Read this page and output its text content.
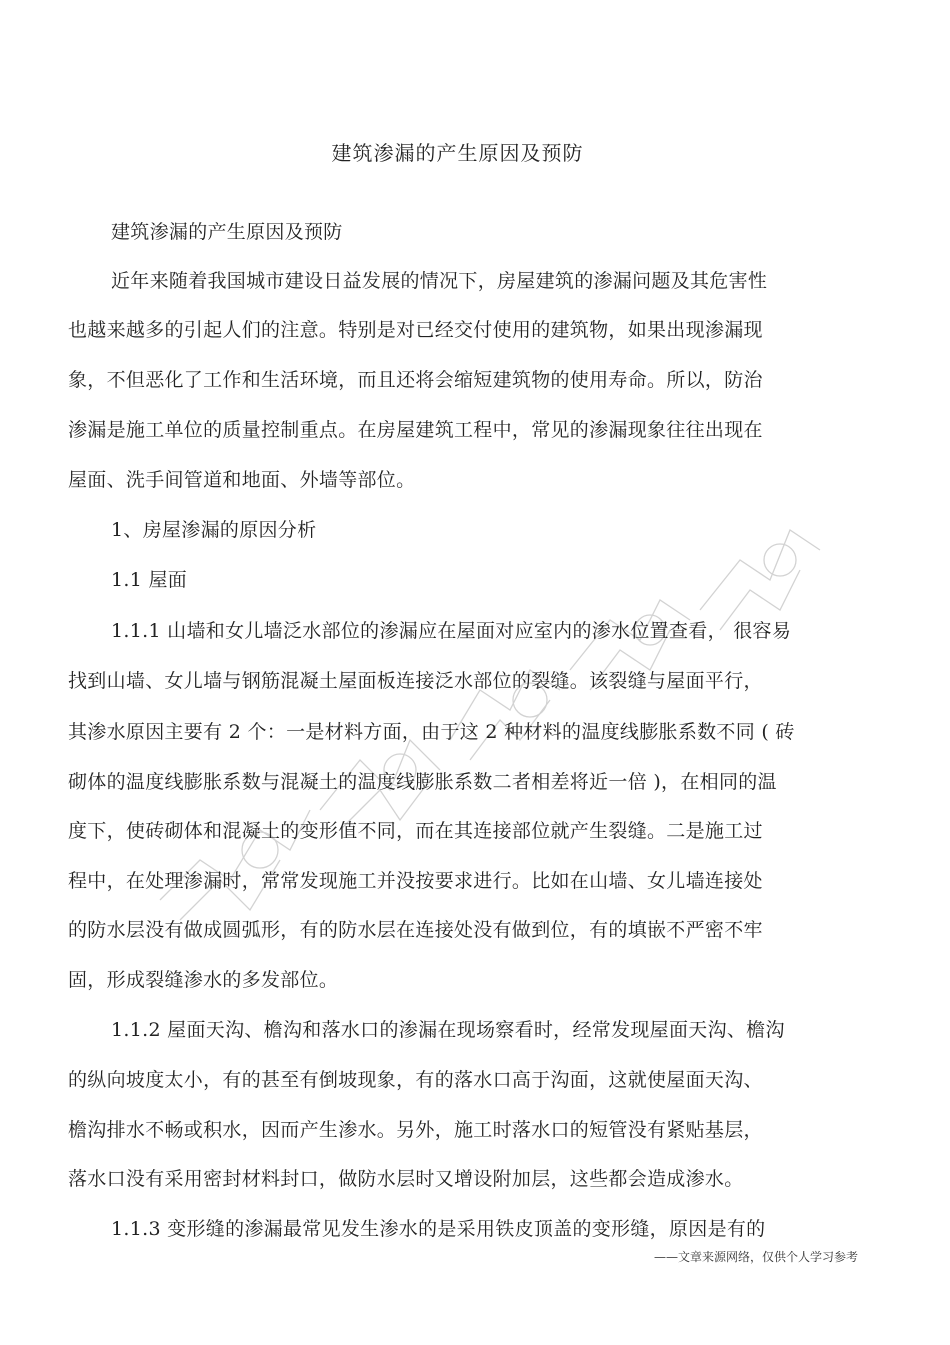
建筑渗漏的产生原因及预防
建筑渗漏的产生原因及预防
近年来随着我国城市建设日益发展的情况下，房屋建筑的渗漏问题及其危害性
也越来越多的引起人们的注意。特别是对已经交付使用的建筑物，如果出现渗漏现
象，不但恶化了工作和生活环境，而且还将会缩短建筑物的使用寿命。所以，防治
渗漏是施工单位的质量控制重点。在房屋建筑工程中，常见的渗漏现象往往出现在
屋面、洗手间管道和地面、外墙等部位。
1、房屋渗漏的原因分析
1.1 屋面
1.1.1 山墙和女儿墙泛水部位的渗漏应在屋面对应室内的渗水位置查看， 很容易
找到山墙、女儿墙与钢筋混凝土屋面板连接泛水部位的裂缝。该裂缝与屋面平行，
其渗水原因主要有 2 个：一是材料方面，由于这 2 种材料的温度线膨胀系数不同 ( 砖
砌体的温度线膨胀系数与混凝土的温度线膨胀系数二者相差将近一倍 )，在相同的温
度下，使砖砌体和混凝土的变形值不同，而在其连接部位就产生裂缝。二是施工过
程中，在处理渗漏时，常常发现施工并没按要求进行。比如在山墙、女儿墙连接处
的防水层没有做成圆弧形，有的防水层在连接处没有做到位，有的填嵌不严密不牢
固，形成裂缝渗水的多发部位。
1.1.2 屋面天沟、檐沟和落水口的渗漏在现场察看时，经常发现屋面天沟、檐沟
的纵向坡度太小，有的甚至有倒坡现象，有的落水口高于沟面，这就使屋面天沟、
檐沟排水不畅或积水，因而产生渗水。另外，施工时落水口的短管没有紧贴基层，
落水口没有采用密封材料封口，做防水层时又增设附加层，这些都会造成渗水。
1.1.3 变形缝的渗漏最常见发生渗水的是采用铁皮顶盖的变形缝，原因是有的
——文章来源网络，仅供个人学习参考
